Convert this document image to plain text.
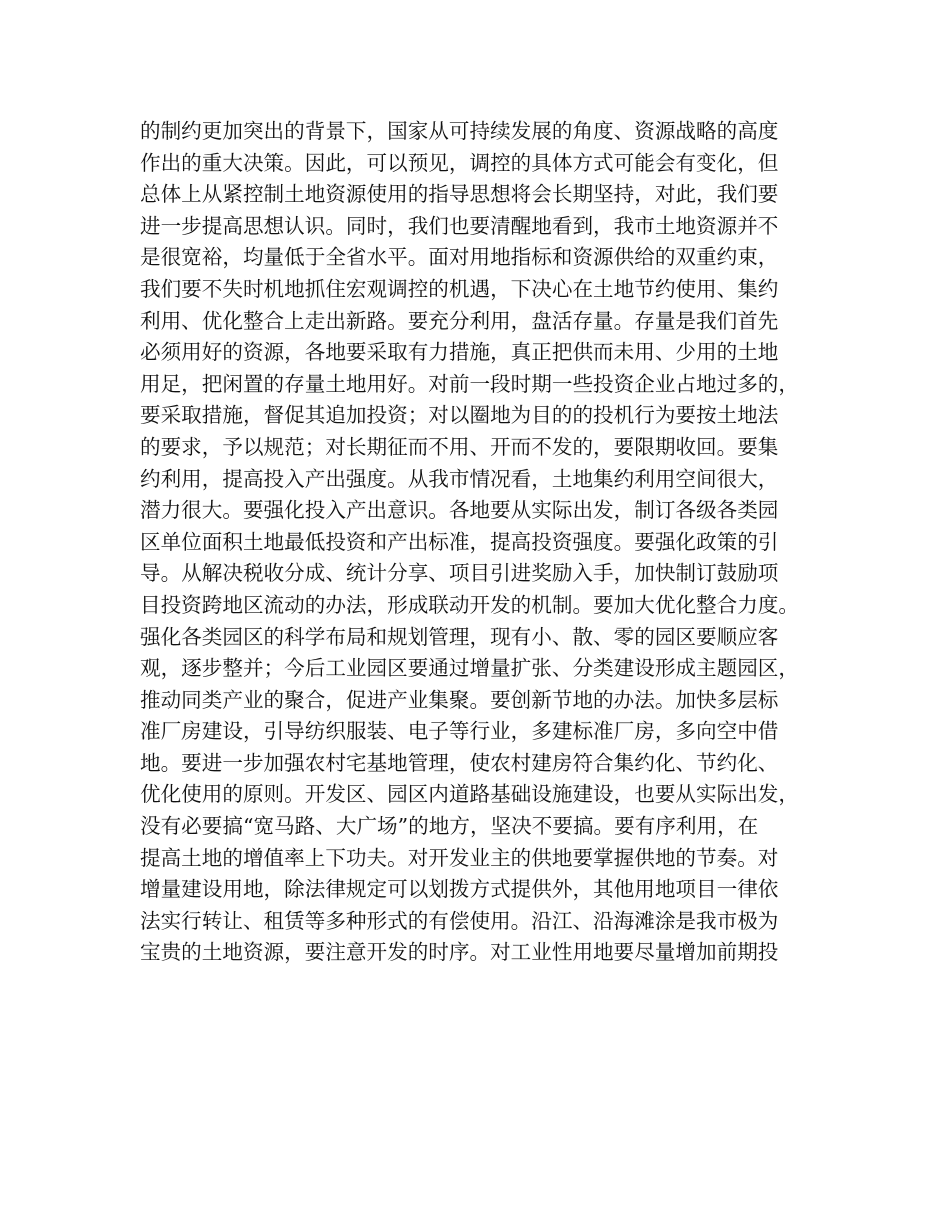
的制约更加突出的背景下，国家从可持续发展的角度、资源战略的高度
作出的重大决策。因此，可以预见，调控的具体方式可能会有变化，但
总体上从紧控制土地资源使用的指导思想将会长期坚持，对此，我们要
进一步提高思想认识。同时，我们也要清醒地看到，我市土地资源并不
是很宽裕，均量低于全省水平。面对用地指标和资源供给的双重约束，
我们要不失时机地抓住宏观调控的机遇，下决心在土地节约使用、集约
利用、优化整合上走出新路。要充分利用，盘活存量。存量是我们首先
必须用好的资源，各地要采取有力措施，真正把供而未用、少用的土地
用足，把闲置的存量土地用好。对前一段时期一些投资企业占地过多的，
要采取措施，督促其追加投资；对以圈地为目的的投机行为要按土地法
的要求，予以规范；对长期征而不用、开而不发的，要限期收回。要集
约利用，提高投入产出强度。从我市情况看，土地集约利用空间很大，
潜力很大。要强化投入产出意识。各地要从实际出发，制订各级各类园
区单位面积土地最低投资和产出标准，提高投资强度。要强化政策的引
导。从解决税收分成、统计分享、项目引进奖励入手，加快制订鼓励项
目投资跨地区流动的办法，形成联动开发的机制。要加大优化整合力度。
强化各类园区的科学布局和规划管理，现有小、散、零的园区要顺应客
观，逐步整并；今后工业园区要通过增量扩张、分类建设形成主题园区，
推动同类产业的聚合，促进产业集聚。要创新节地的办法。加快多层标
准厂房建设，引导纺织服装、电子等行业，多建标准厂房，多向空中借
地。要进一步加强农村宅基地管理，使农村建房符合集约化、节约化、
优化使用的原则。开发区、园区内道路基础设施建设，也要从实际出发，
没有必要搞“宽马路、大广场”的地方，坚决不要搞。要有序利用，在
提高土地的增值率上下功夫。对开发业主的供地要掌握供地的节奏。对
增量建设用地，除法律规定可以划拨方式提供外，其他用地项目一律依
法实行转让、租赁等多种形式的有偿使用。沿江、沿海滩涂是我市极为
宝贵的土地资源，要注意开发的时序。对工业性用地要尽量增加前期投
